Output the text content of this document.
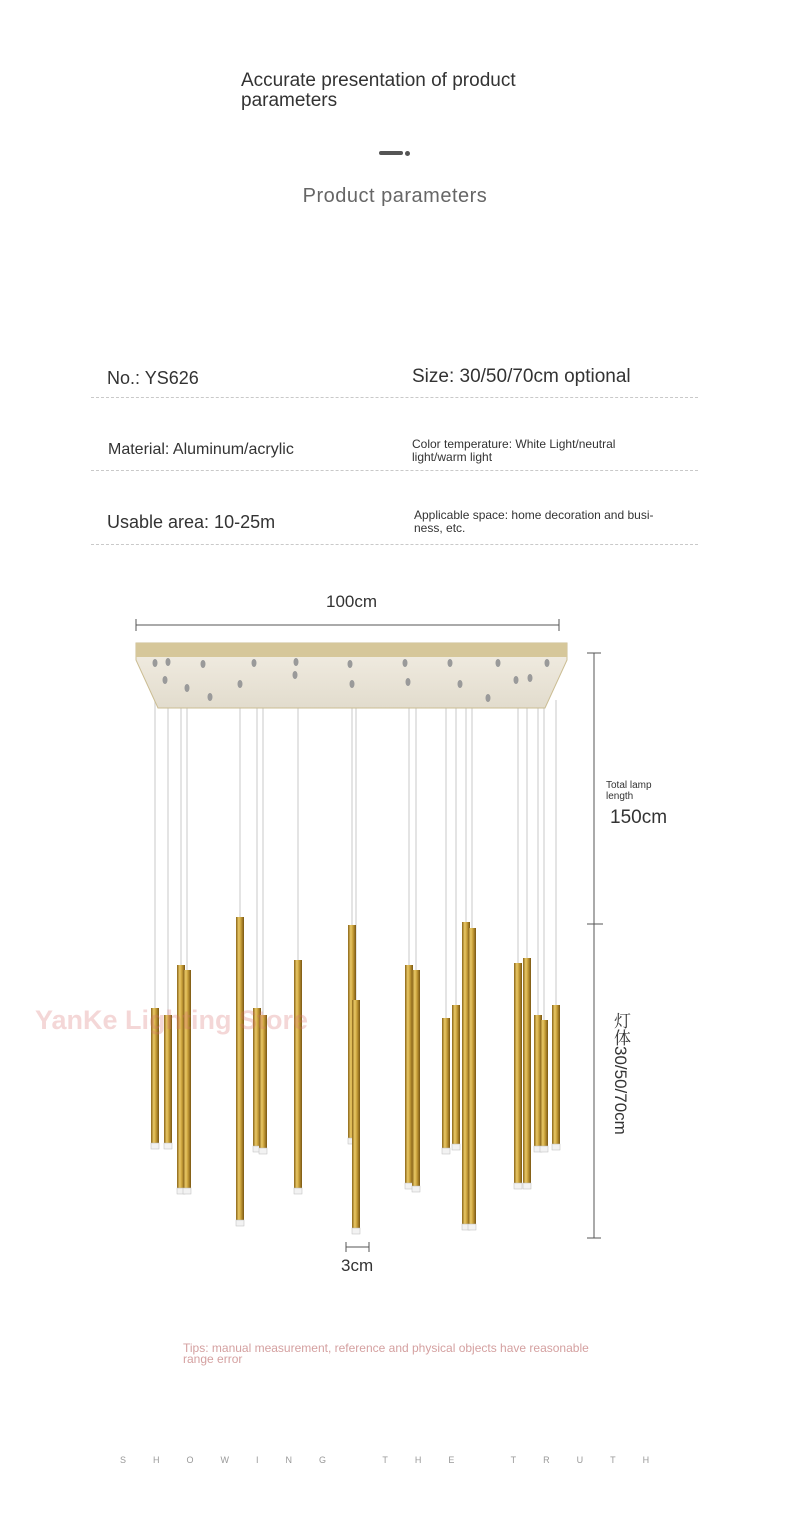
Accurate presentation of product parameters
Product parameters
No.: YS626	Size: 30/50/70cm optional
Material: Aluminum/acrylic	Color temperature: White Light/neutral light/warm light
Usable area: 10-25m	Applicable space: home decoration and busi-ness, etc.
100cm
Total lamp length
150cm
灯体30/50/70cm
3cm
YanKe Lighting Store
Tips: manual measurement, reference and physical objects have reasonable range error
SHOWING THE TRUTH
